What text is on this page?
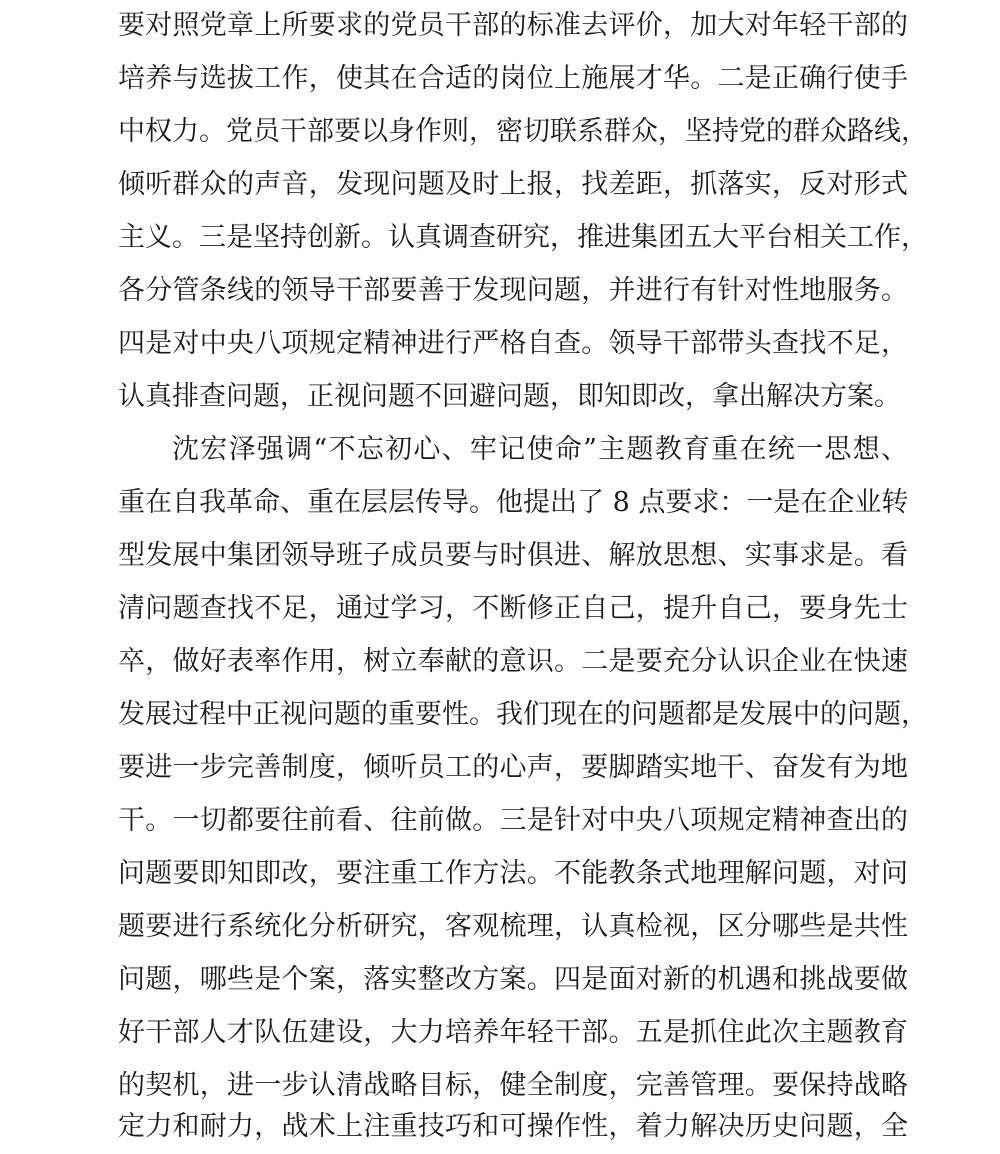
要对照党章上所要求的党员干部的标准去评价，加大对年轻干部的
培养与选拔工作，使其在合适的岗位上施展才华。二是正确行使手
中权力。党员干部要以身作则，密切联系群众，坚持党的群众路线，
倾听群众的声音，发现问题及时上报，找差距，抓落实，反对形式
主义。三是坚持创新。认真调查研究，推进集团五大平台相关工作，
各分管条线的领导干部要善于发现问题，并进行有针对性地服务。
四是对中央八项规定精神进行严格自查。领导干部带头查找不足，
认真排查问题，正视问题不回避问题，即知即改，拿出解决方案。
沈宏泽强调“不忘初心、牢记使命”主题教育重在统一思想、
重在自我革命、重在层层传导。他提出了 8 点要求：一是在企业转
型发展中集团领导班子成员要与时俱进、解放思想、实事求是。看
清问题查找不足，通过学习，不断修正自己，提升自己，要身先士
卒，做好表率作用，树立奉献的意识。二是要充分认识企业在快速
发展过程中正视问题的重要性。我们现在的问题都是发展中的问题，
要进一步完善制度，倾听员工的心声，要脚踏实地干、奋发有为地
干。一切都要往前看、往前做。三是针对中央八项规定精神查出的
问题要即知即改，要注重工作方法。不能教条式地理解问题，对问
题要进行系统化分析研究，客观梳理，认真检视，区分哪些是共性
问题，哪些是个案，落实整改方案。四是面对新的机遇和挑战要做
好干部人才队伍建设，大力培养年轻干部。五是抓住此次主题教育
的契机，进一步认清战略目标，健全制度，完善管理。要保持战略
定力和耐力，战术上注重技巧和可操作性，着力解决历史问题，全
